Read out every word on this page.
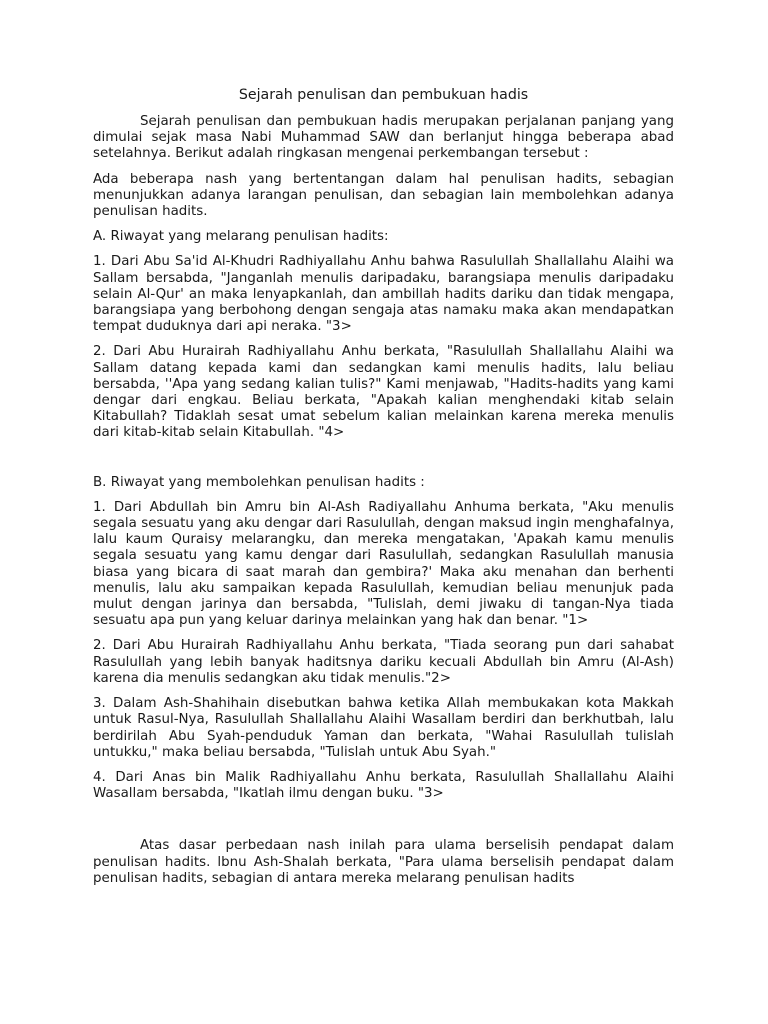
Sejarah penulisan dan pembukuan hadis

Sejarah penulisan dan pembukuan hadis merupakan perjalanan panjang yang dimulai sejak masa Nabi Muhammad SAW dan berlanjut hingga beberapa abad setelahnya. Berikut adalah ringkasan mengenai perkembangan tersebut :

Ada beberapa nash yang bertentangan dalam hal penulisan hadits, sebagian menunjukkan adanya larangan penulisan, dan sebagian lain membolehkan adanya penulisan hadits.

A. Riwayat yang melarang penulisan hadits:

1. Dari Abu Sa'id Al-Khudri Radhiyallahu Anhu bahwa Rasulullah Shallallahu Alaihi wa Sallam bersabda, "Janganlah menulis daripadaku, barangsiapa menulis daripadaku selain Al-Qur' an maka lenyapkanlah, dan ambillah hadits dariku dan tidak mengapa, barangsiapa yang berbohong dengan sengaja atas namaku maka akan mendapatkan tempat duduknya dari api neraka. "3>

2. Dari Abu Hurairah Radhiyallahu Anhu berkata, "Rasulullah Shallallahu Alaihi wa Sallam datang kepada kami dan sedangkan kami menulis hadits, lalu beliau bersabda, ''Apa yang sedang kalian tulis?" Kami menjawab, "Hadits-hadits yang kami dengar dari engkau. Beliau berkata, "Apakah kalian menghendaki kitab selain Kitabullah? Tidaklah sesat umat sebelum kalian melainkan karena mereka menulis dari kitab-kitab selain Kitabullah. "4>

B. Riwayat yang membolehkan penulisan hadits :

1. Dari Abdullah bin Amru bin Al-Ash Radiyallahu Anhuma berkata, "Aku menulis segala sesuatu yang aku dengar dari Rasulullah, dengan maksud ingin menghafalnya, lalu kaum Quraisy melarangku, dan mereka mengatakan, 'Apakah kamu menulis segala sesuatu yang kamu dengar dari Rasulullah, sedangkan Rasulullah manusia biasa yang bicara di saat marah dan gembira?' Maka aku menahan dan berhenti menulis, lalu aku sampaikan kepada Rasulullah, kemudian beliau menunjuk pada mulut dengan jarinya dan bersabda, "Tulislah, demi jiwaku di tangan-Nya tiada sesuatu apa pun yang keluar darinya melainkan yang hak dan benar. "1>

2. Dari Abu Hurairah Radhiyallahu Anhu berkata, "Tiada seorang pun dari sahabat Rasulullah yang lebih banyak haditsnya dariku kecuali Abdullah bin Amru (Al-Ash) karena dia menulis sedangkan aku tidak menulis."2>

3. Dalam Ash-Shahihain disebutkan bahwa ketika Allah membukakan kota Makkah untuk Rasul-Nya, Rasulullah Shallallahu Alaihi Wasallam berdiri dan berkhutbah, lalu berdirilah Abu Syah-penduduk Yaman dan berkata, "Wahai Rasulullah tulislah untukku," maka beliau bersabda, "Tulislah untuk Abu Syah."

4. Dari Anas bin Malik Radhiyallahu Anhu berkata, Rasulullah Shallallahu Alaihi Wasallam bersabda, "Ikatlah ilmu dengan buku. "3>

Atas dasar perbedaan nash inilah para ulama berselisih pendapat dalam penulisan hadits. lbnu Ash-Shalah berkata, "Para ulama berselisih pendapat dalam penulisan hadits, sebagian di antara mereka melarang penulisan hadits
